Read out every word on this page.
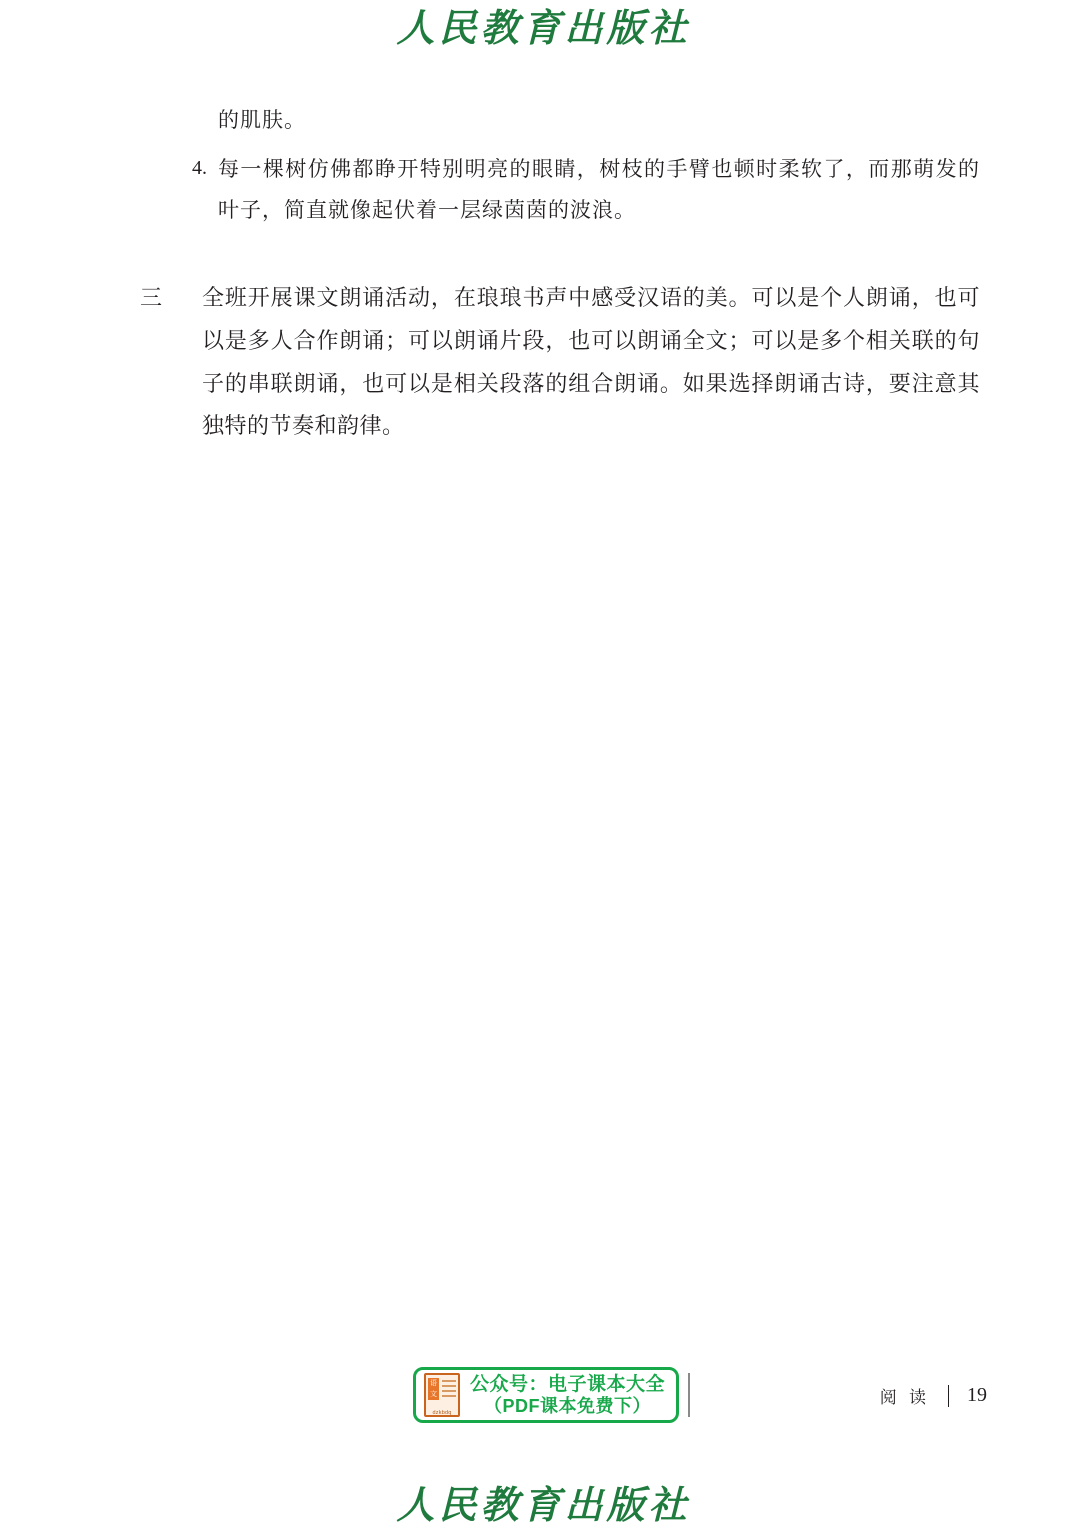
人民教育出版社

的肌肤。

4. 每一棵树仿佛都睁开特别明亮的眼睛，树枝的手臂也顿时柔软了，而那萌发的叶子，简直就像起伏着一层绿茵茵的波浪。
三	全班开展课文朗诵活动，在琅琅书声中感受汉语的美。可以是个人朗诵，也可以是多人合作朗诵；可以朗诵片段，也可以朗诵全文；可以是多个相关联的句子的串联朗诵，也可以是相关段落的组合朗诵。如果选择朗诵古诗，要注意其独特的节奏和韵律。
语文
dzkbdq
公众号：电子课本大全
（PDF课本免费下）	阅 读 19
人民教育出版社
